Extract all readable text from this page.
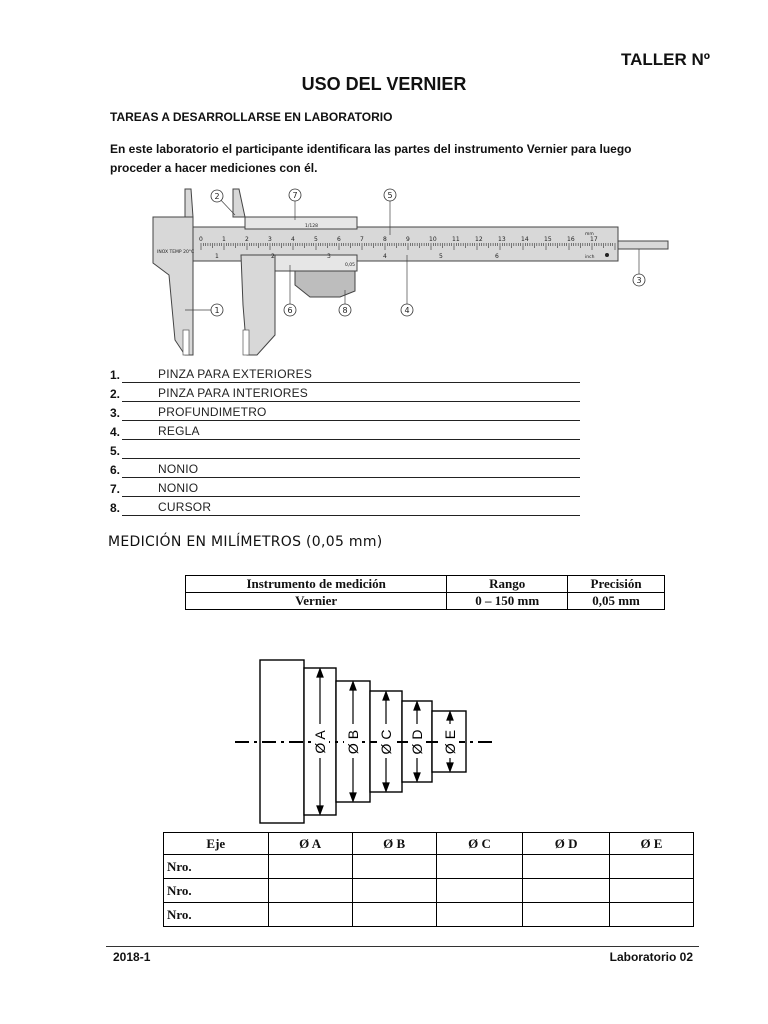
TALLER Nº
USO DEL VERNIER
TAREAS A DESARROLLARSE EN LABORATORIO
En este laboratorio el participante identificara las partes del instrumento Vernier para luego proceder a hacer mediciones con él.
0	1	2	3	4	5	6	7	8	9	10	11	12	13	14	15	16	17
1	2	3	4	5	6
mm
1/128
0,05
inch
INOX TEMP 20°C
2	7	5
1	6	8	4
3
1.	PINZA PARA EXTERIORES
2.	PINZA PARA INTERIORES
3.	PROFUNDIMETRO
4.	REGLA
5.
6.	NONIO
7.	NONIO
8.	CURSOR
MEDICIÓN EN MILÍMETROS (0,05 mm)
Instrumento de medición	Rango	Precisión
Vernier	0 – 150 mm	0,05 mm
Ø A Ø B Ø C Ø D Ø E
Eje	Ø A	Ø B	Ø C	Ø D	Ø E
Nro.					
Nro.					
Nro.					
2018-1	Laboratorio 02
